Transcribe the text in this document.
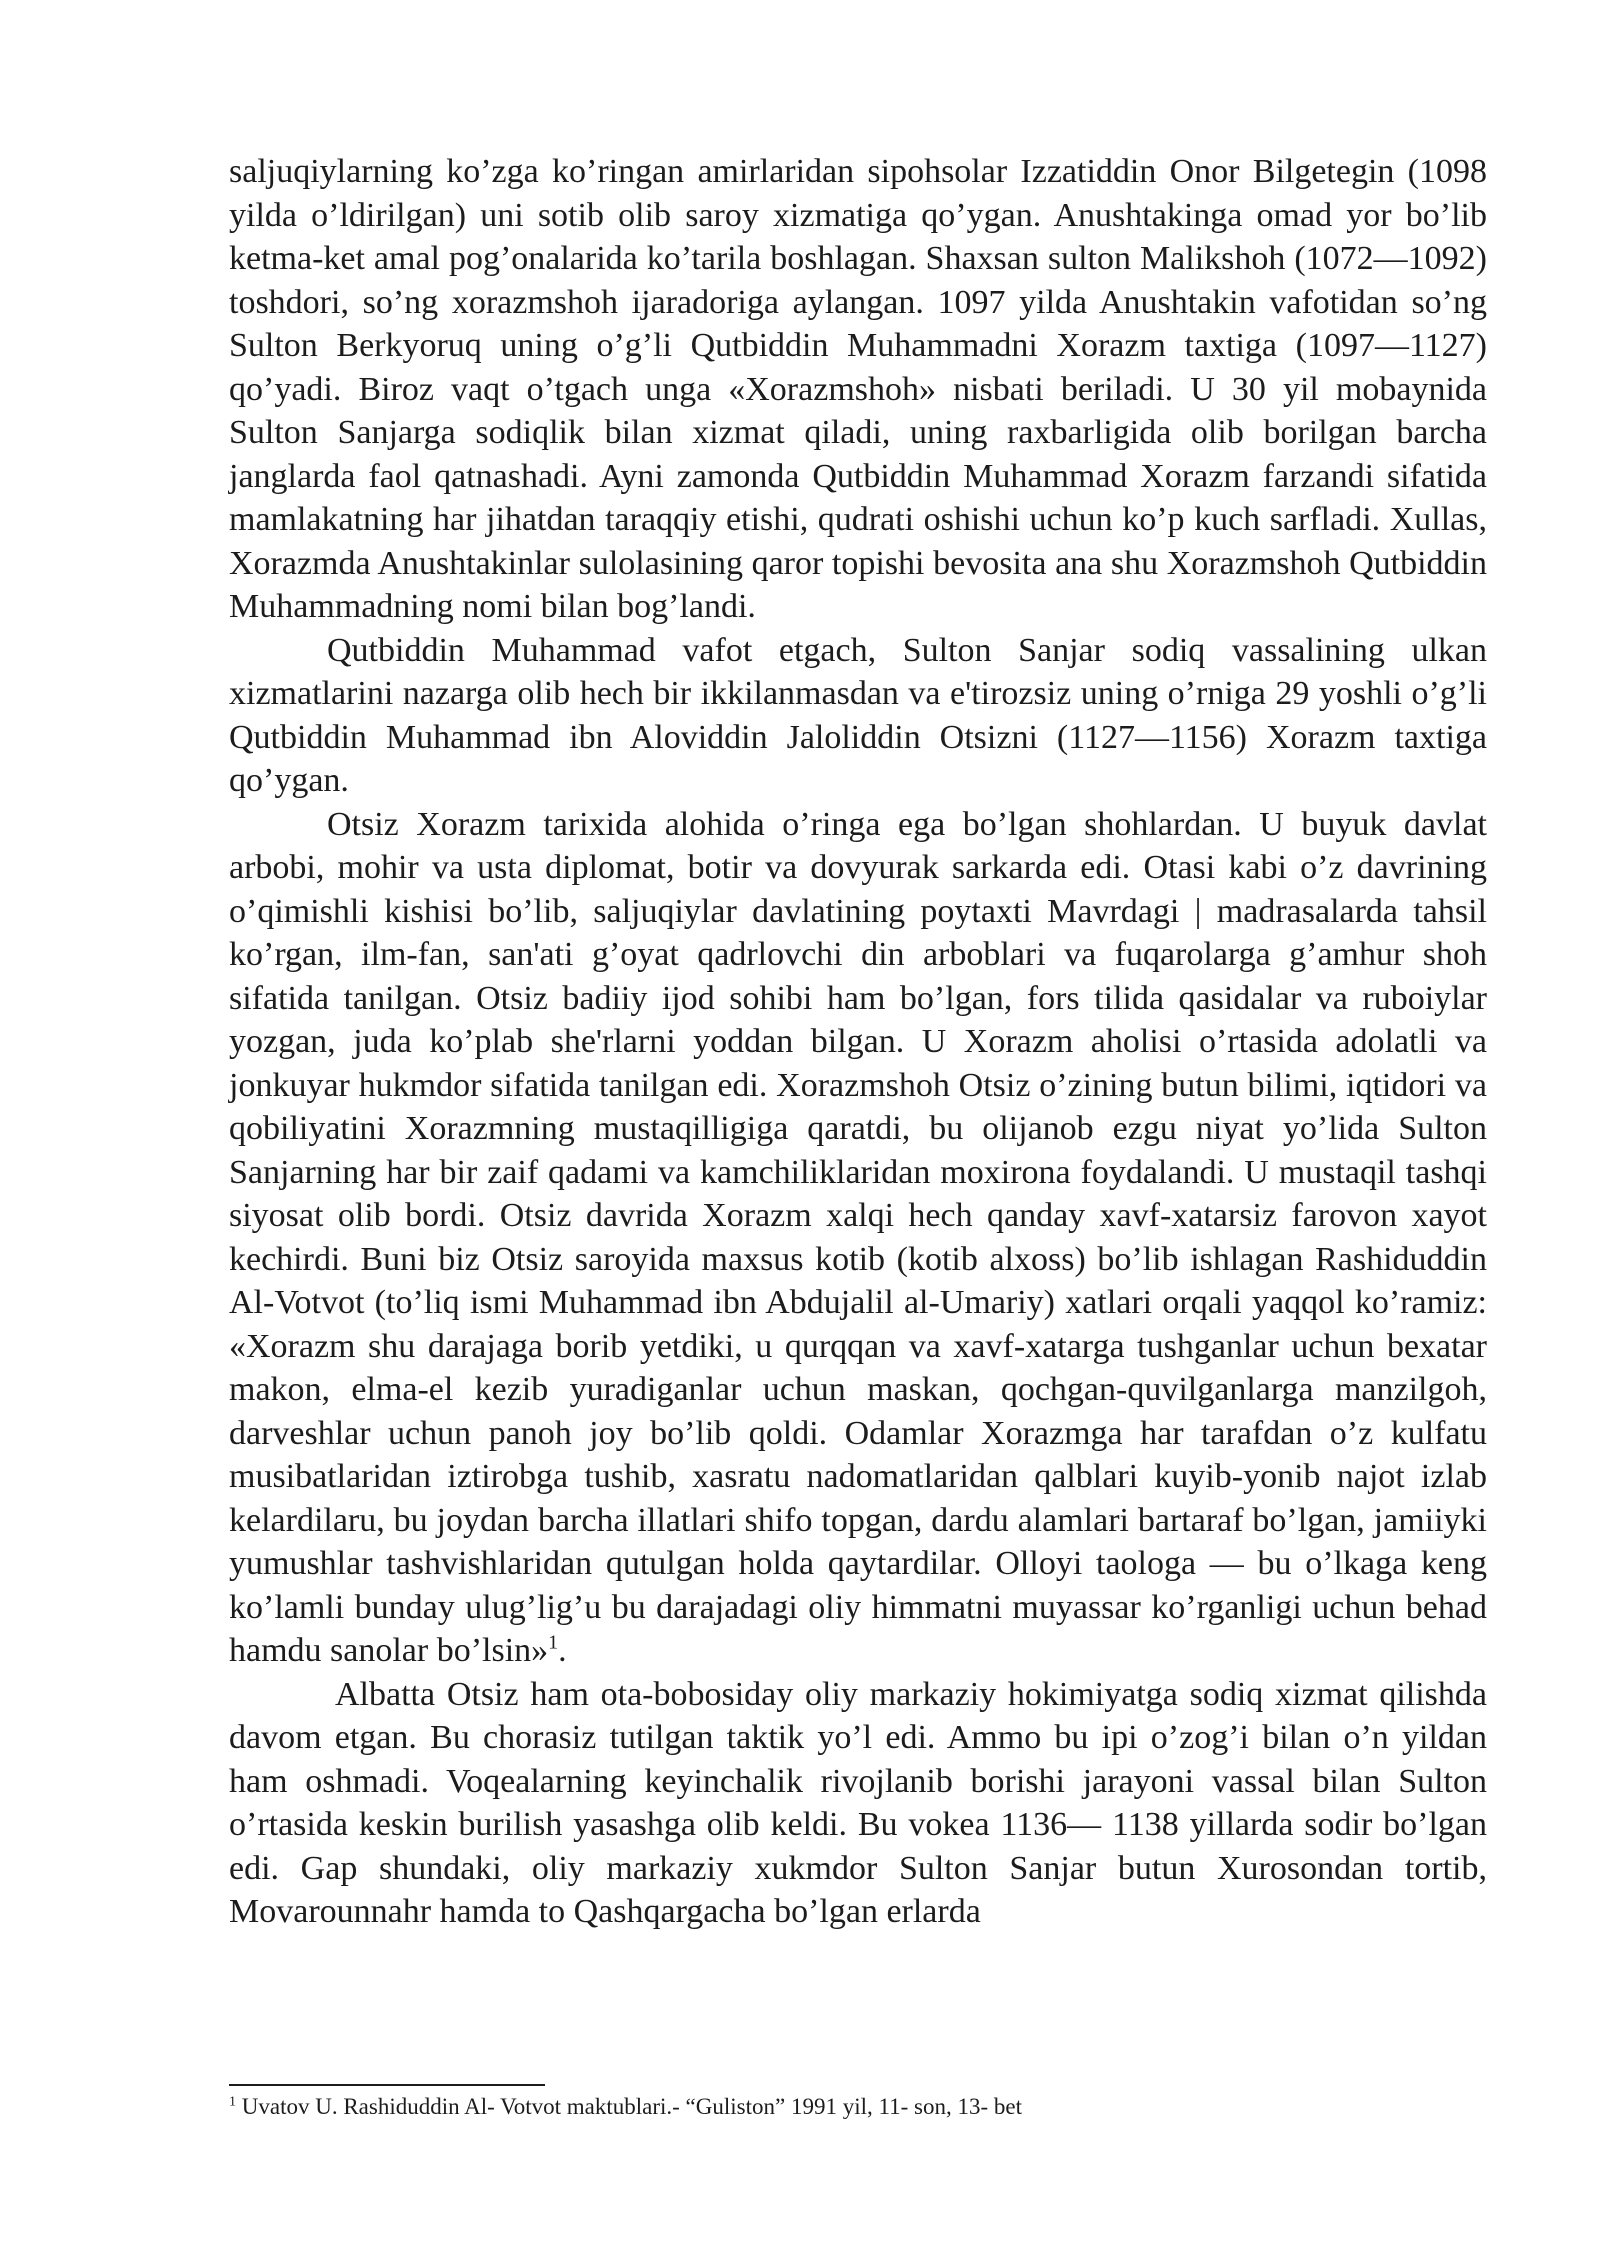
saljuqiylarning ko’zga ko’ringan amirlaridan sipohsolar Izzatiddin Onor Bilgetegin (1098 yilda o’ldirilgan) uni sotib olib saroy xizmatiga qo’ygan. Anushtakinga omad yor bo’lib ketma-ket amal pog’onalarida ko’tarila boshlagan. Shaxsan sulton Malikshoh (1072—1092) toshdori, so’ng xorazmshoh ijaradoriga aylangan. 1097 yilda Anushtakin vafotidan so’ng Sulton Berkyoruq uning o’g’li Qutbiddin Muhammadni Xorazm taxtiga (1097—1127) qo’yadi. Biroz vaqt o’tgach unga «Xorazmshoh» nisbati beriladi. U 30 yil mobaynida Sulton Sanjarga sodiqlik bilan xizmat qiladi, uning raxbarligida olib borilgan barcha janglarda faol qatnashadi. Ayni zamonda Qutbiddin Muhammad Xorazm farzandi sifatida mamlakatning har jihatdan taraqqiy etishi, qudrati oshishi uchun ko’p kuch sarfladi. Xullas, Xorazmda Anushtakinlar sulolasining qaror topishi bevosita ana shu Xorazmshoh Qutbiddin Muhammadning nomi bilan bog’landi.

Qutbiddin Muhammad vafot etgach, Sulton Sanjar sodiq vassalining ulkan xizmatlarini nazarga olib hech bir ikkilanmasdan va e'tirozsiz uning o’rniga 29 yoshli o’g’li Qutbiddin Muhammad ibn Aloviddin Jaloliddin Otsizni (1127—1156) Xorazm taxtiga qo’ygan.

Otsiz Xorazm tarixida alohida o’ringa ega bo’lgan shohlardan. U buyuk davlat arbobi, mohir va usta diplomat, botir va dovyurak sarkarda edi. Otasi kabi o’z davrining o’qimishli kishisi bo’lib, saljuqiylar davlatining poytaxti Mavrdagi | madrasalarda tahsil ko’rgan, ilm-fan, san'ati g’oyat qadrlovchi din arboblari va fuqarolarga g’amhur shoh sifatida tanilgan. Otsiz badiiy ijod sohibi ham bo’lgan, fors tilida qasidalar va ruboiylar yozgan, juda ko’plab she'rlarni yoddan bilgan. U Xorazm aholisi o’rtasida adolatli va jonkuyar hukmdor sifatida tanilgan edi. Xorazmshoh Otsiz o’zining butun bilimi, iqtidori va qobiliyatini Xorazmning mustaqilligiga qaratdi, bu olijanob ezgu niyat yo’lida Sulton Sanjarning har bir zaif qadami va kamchiliklaridan moxirona foydalandi. U mustaqil tashqi siyosat olib bordi. Otsiz davrida Xorazm xalqi hech qanday xavf-xatarsiz farovon xayot kechirdi. Buni biz Otsiz saroyida maxsus kotib (kotib alxoss) bo’lib ishlagan Rashiduddin Al-Votvot (to’liq ismi Muhammad ibn Abdujalil al-Umariy) xatlari orqali yaqqol ko’ramiz: «Xorazm shu darajaga borib yetdiki, u qurqqan va xavf-xatarga tushganlar uchun bexatar makon, elma-el kezib yuradiganlar uchun maskan, qochgan-quvilganlarga manzilgoh, darveshlar uchun panoh joy bo’lib qoldi. Odamlar Xorazmga har tarafdan o’z kulfatu musibatlaridan iztirobga tushib, xasratu nadomatlaridan qalblari kuyib-yonib najot izlab kelardilaru, bu joydan barcha illatlari shifo topgan, dardu alamlari bartaraf bo’lgan, jamiiyki yumushlar tashvishlaridan qutulgan holda qaytardilar. Olloyi taologa — bu o’lkaga keng ko’lamli bunday ulug’lig’u bu darajadagi oliy himmatni muyassar ko’rganligi uchun behad hamdu sanolar bo’lsin»$^1$.

Albatta Otsiz ham ota-bobosiday oliy markaziy hokimiyatga sodiq xizmat qilishda davom etgan. Bu chorasiz tutilgan taktik yo’l edi. Ammo bu ipi o’zog’i bilan o’n yildan ham oshmadi. Voqealarning keyinchalik rivojlanib borishi jarayoni vassal bilan Sulton o’rtasida keskin burilish yasashga olib keldi. Bu vokea 1136— 1138 yillarda sodir bo’lgan edi. Gap shundaki, oliy markaziy xukmdor Sulton Sanjar butun Xurosondan tortib, Movarounnahr hamda to Qashqargacha bo’lgan erlarda

$^1$ Uvatov U. Rashiduddin Al- Votvot maktublari.- “Guliston” 1991 yil, 11- son, 13- bet
